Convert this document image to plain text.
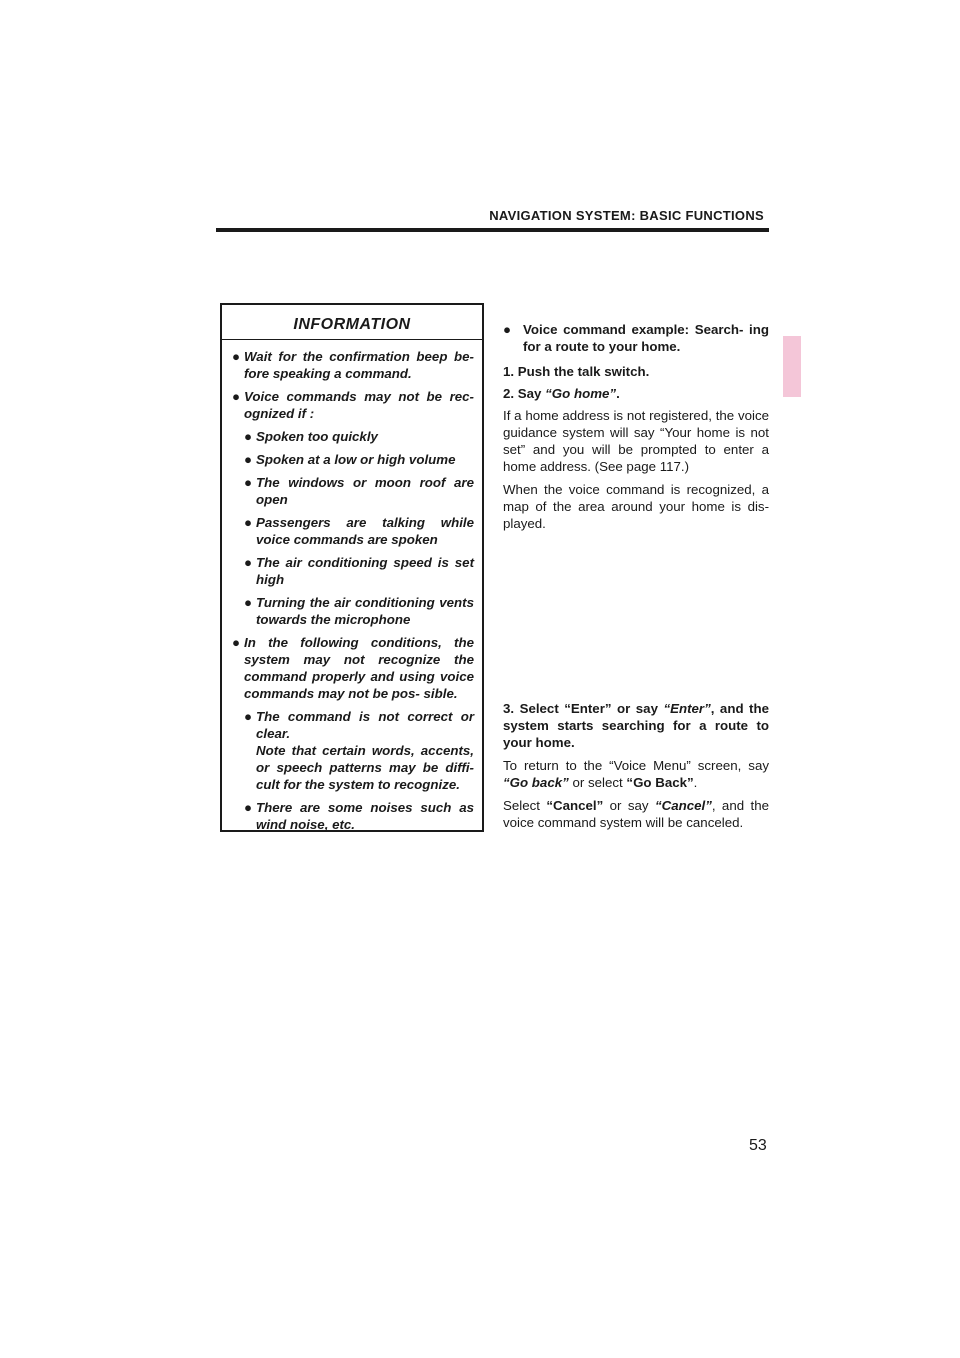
NAVIGATION SYSTEM: BASIC FUNCTIONS
INFORMATION
● Wait for the confirmation beep be- fore speaking a command.
● Voice commands may not be rec- ognized if :
● Spoken too quickly
● Spoken at a low or high volume
● The windows or moon roof are open
● Passengers are talking while voice commands are spoken
● The air conditioning speed is set high
● Turning the air conditioning vents towards the microphone
● In the following conditions, the system may not recognize the command properly and using voice commands may not be pos- sible.
● The command is not correct or clear.
Note that certain words, accents, or speech patterns may be diffi- cult for the system to recognize.
● There are some noises such as wind noise, etc.
● Voice command example: Search- ing for a route to your home.
1. Push the talk switch.
2. Say “Go home”.

If a home address is not registered, the voice guidance system will say “Your home is not set” and you will be prompted to enter a home address. (See page 117.)

When the voice command is recognized, a map of the area around your home is dis- played.

3. Select “Enter” or say “Enter”, and the system starts searching for a route to your home.

To return to the “Voice Menu” screen, say “Go back” or select “Go Back”.

Select “Cancel” or say “Cancel”, and the voice command system will be canceled.

53
